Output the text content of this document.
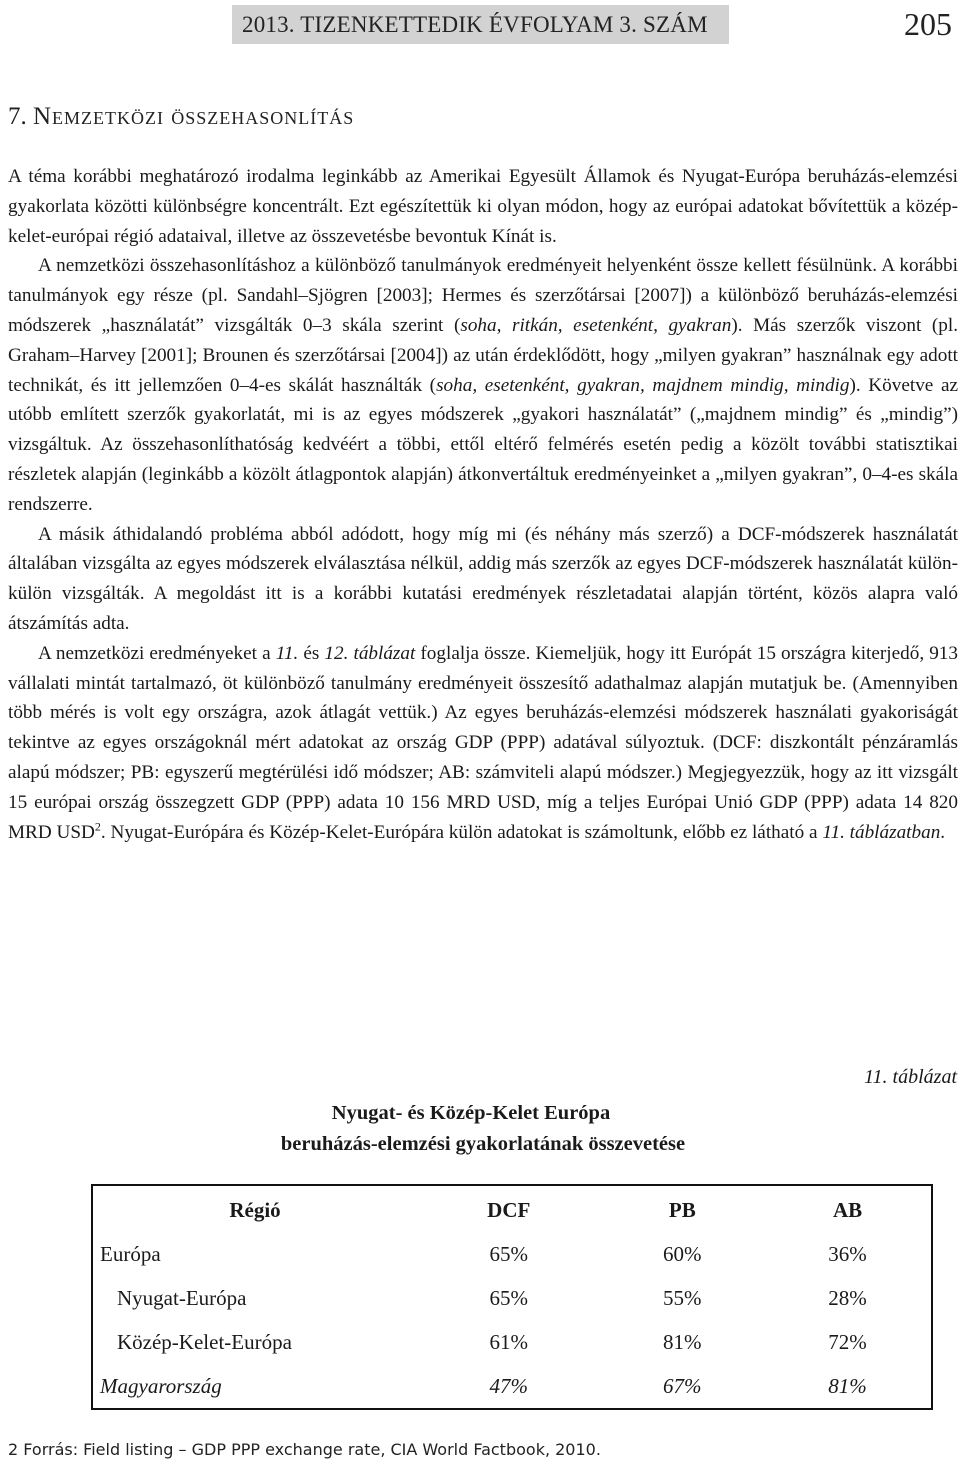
2013. TIZENKETTEDIK ÉVFOLYAM 3. SZÁM	205
7. Nemzetközi összehasonlítás

A téma korábbi meghatározó irodalma leginkább az Amerikai Egyesült Államok és Nyugat-Európa beruházás-elemzési gyakorlata közötti különbségre koncentrált. Ezt egészítettük ki olyan módon, hogy az európai adatokat bővítettük a közép-kelet-európai régió adataival, illetve az összevetésbe bevontuk Kínát is.

A nemzetközi összehasonlításhoz a különböző tanulmányok eredményeit helyenként össze kellett fésülnünk. A korábbi tanulmányok egy része (pl. Sandahl–Sjögren [2003]; Hermes és szerzőtársai [2007]) a különböző beruházás-elemzési módszerek „használatát” vizsgálták 0–3 skála szerint (soha, ritkán, esetenként, gyakran). Más szerzők viszont (pl. Graham–Harvey [2001]; Brounen és szerzőtársai [2004]) az után érdeklődött, hogy „milyen gyakran” használnak egy adott technikát, és itt jellemzően 0–4-es skálát használták (soha, esetenként, gyakran, majdnem mindig, mindig). Követve az utóbb említett szerzők gyakorlatát, mi is az egyes módszerek „gyakori használatát” („majdnem mindig” és „mindig”) vizsgáltuk. Az összehasonlíthatóság kedvéért a többi, ettől eltérő felmérés esetén pedig a közölt további statisztikai részletek alapján (leginkább a közölt átlagpontok alapján) átkonvertáltuk eredményeinket a „milyen gyakran”, 0–4-es skála rendszerre.

A másik áthidalandó probléma abból adódott, hogy míg mi (és néhány más szerző) a DCF-módszerek használatát általában vizsgálta az egyes módszerek elválasztása nélkül, addig más szerzők az egyes DCF-módszerek használatát külön-külön vizsgálták. A megoldást itt is a korábbi kutatási eredmények részletadatai alapján történt, közös alapra való átszámítás adta.

A nemzetközi eredményeket a 11. és 12. táblázat foglalja össze. Kiemeljük, hogy itt Európát 15 országra kiterjedő, 913 vállalati mintát tartalmazó, öt különböző tanulmány eredményeit összesítő adathalmaz alapján mutatjuk be. (Amennyiben több mérés is volt egy országra, azok átlagát vettük.) Az egyes beruházás-elemzési módszerek használati gyakoriságát tekintve az egyes országoknál mért adatokat az ország GDP (PPP) adatával súlyoztuk. (DCF: diszkontált pénzáramlás alapú módszer; PB: egyszerű megtérülési idő módszer; AB: számviteli alapú módszer.) Megjegyezzük, hogy az itt vizsgált 15 európai ország összegzett GDP (PPP) adata 10 156 MRD USD, míg a teljes Európai Unió GDP (PPP) adata 14 820 MRD USD$^2$. Nyugat-Európára és Közép-Kelet-Európára külön adatokat is számoltunk, előbb ez látható a 11. táblázatban.

11. táblázat
Nyugat- és Közép-Kelet Európa
beruházás-elemzési gyakorlatának összevetése
Régió	DCF	PB	AB
Európa	65%	60%	36%
Nyugat-Európa	65%	55%	28%
Közép-Kelet-Európa	61%	81%	72%
Magyarország	47%	67%	81%
2 Forrás: Field listing – GDP PPP exchange rate, CIA World Factbook, 2010.
